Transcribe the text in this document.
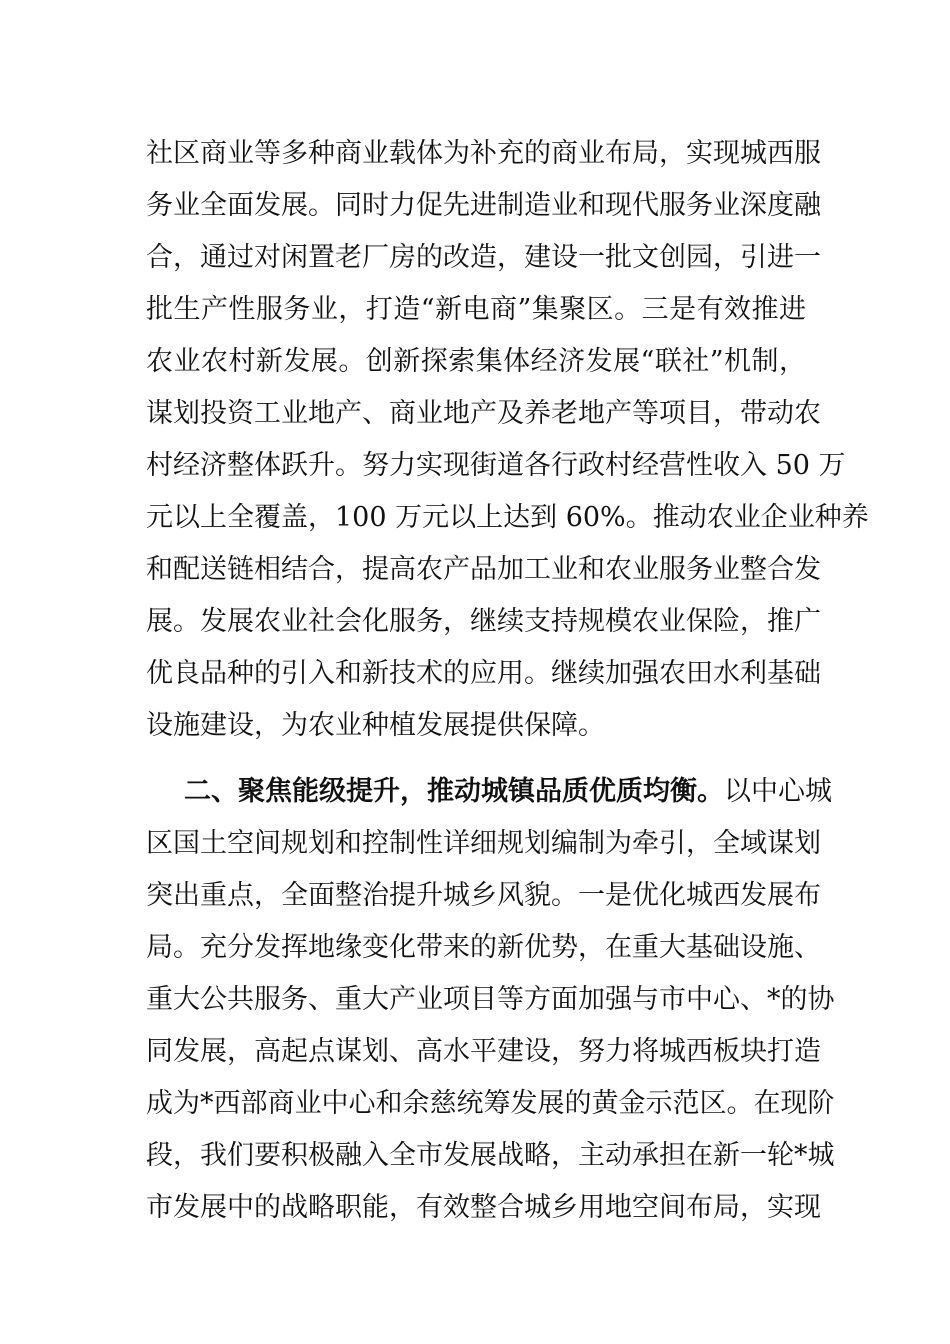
社区商业等多种商业载体为补充的商业布局，实现城西服
务业全面发展。同时力促先进制造业和现代服务业深度融
合，通过对闲置老厂房的改造，建设一批文创园，引进一
批生产性服务业，打造“新电商”集聚区。三是有效推进
农业农村新发展。创新探索集体经济发展“联社”机制，
谋划投资工业地产、商业地产及养老地产等项目，带动农
村经济整体跃升。努力实现街道各行政村经营性收入 50 万
元以上全覆盖，100 万元以上达到 60%。推动农业企业种养
和配送链相结合，提高农产品加工业和农业服务业整合发
展。发展农业社会化服务，继续支持规模农业保险，推广
优良品种的引入和新技术的应用。继续加强农田水利基础
设施建设，为农业种植发展提供保障。
二、聚焦能级提升，推动城镇品质优质均衡。以中心城
区国土空间规划和控制性详细规划编制为牵引，全域谋划
突出重点，全面整治提升城乡风貌。一是优化城西发展布
局。充分发挥地缘变化带来的新优势，在重大基础设施、
重大公共服务、重大产业项目等方面加强与市中心、*的协
同发展，高起点谋划、高水平建设，努力将城西板块打造
成为*西部商业中心和余慈统筹发展的黄金示范区。在现阶
段，我们要积极融入全市发展战略，主动承担在新一轮*城
市发展中的战略职能，有效整合城乡用地空间布局，实现
